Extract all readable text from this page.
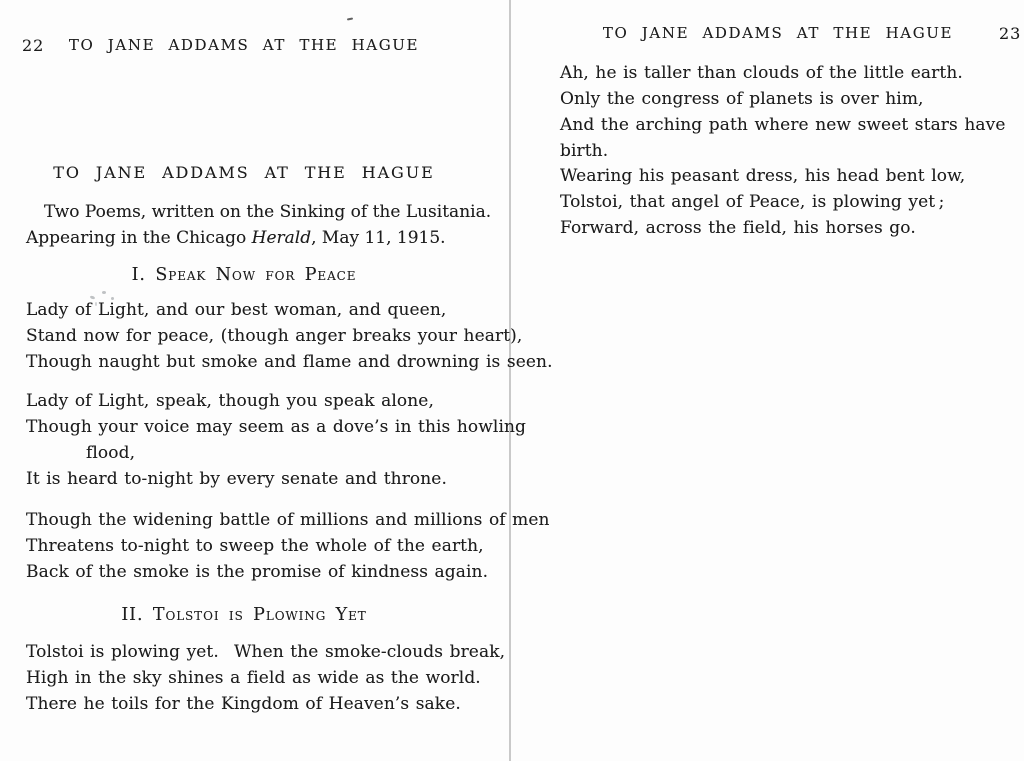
22	TO JANE ADDAMS AT THE HAGUE
TO JANE ADDAMS AT THE HAGUE
Two Poems, written on the Sinking of the Lusitania.
Appearing in the Chicago Herald, May 11, 1915.
I. Speak Now for Peace
Lady of Light, and our best woman, and queen,
Stand now for peace, (though anger breaks your heart),
Though naught but smoke and flame and drowning is seen.
Lady of Light, speak, though you speak alone,
Though your voice may seem as a dove’s in this howling
flood,
It is heard to-night by every senate and throne.
Though the widening battle of millions and millions of men
Threatens to-night to sweep the whole of the earth,
Back of the smoke is the promise of kindness again.
II. Tolstoi is Plowing Yet
Tolstoi is plowing yet.  When the smoke-clouds break,
High in the sky shines a field as wide as the world.
There he toils for the Kingdom of Heaven’s sake.
TO JANE ADDAMS AT THE HAGUE	23
Ah, he is taller than clouds of the little earth.
Only the congress of planets is over him,
And the arching path where new sweet stars have birth.
Wearing his peasant dress, his head bent low,
Tolstoi, that angel of Peace, is plowing yet ;
Forward, across the field, his horses go.
